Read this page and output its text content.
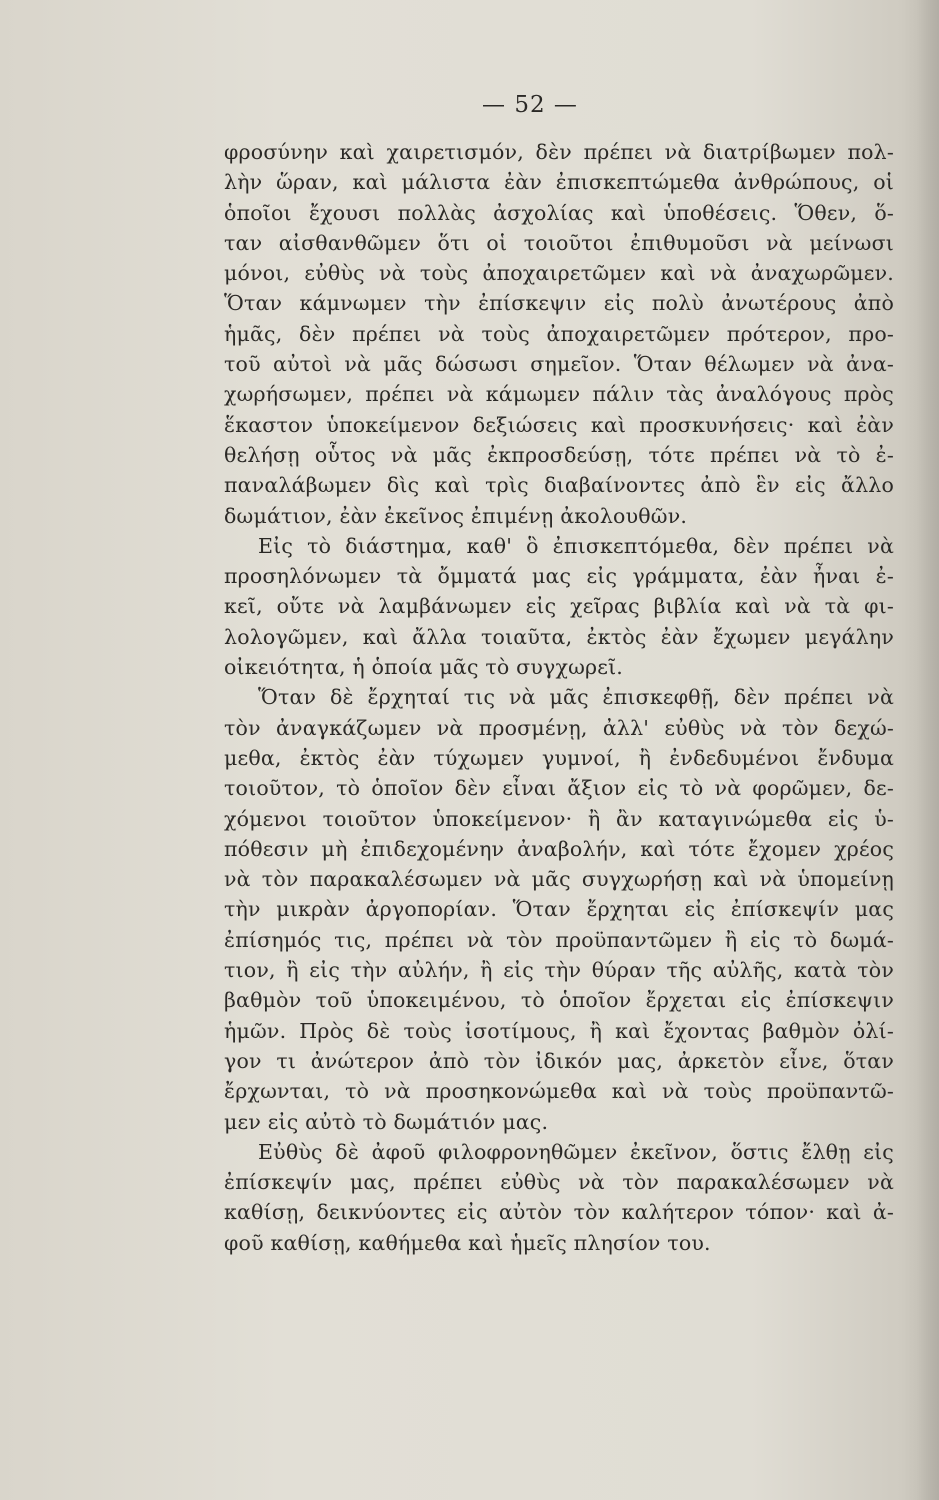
— 52 —
φροσύνην καὶ χαιρετισμόν, δὲν πρέπει νὰ διατρίβωμεν πολ-
λὴν ὥραν, καὶ μάλιστα ἐὰν ἐπισκεπτώμεθα ἀνθρώπους, οἱ
ὁποῖοι ἔχουσι πολλὰς ἀσχολίας καὶ ὑποθέσεις. Ὅθεν, ὅ-
ταν αἰσθανθῶμεν ὅτι οἱ τοιοῦτοι ἐπιθυμοῦσι νὰ μείνωσι
μόνοι, εὐθὺς νὰ τοὺς ἀποχαιρετῶμεν καὶ νὰ ἀναχωρῶμεν.
Ὅταν κάμνωμεν τὴν ἐπίσκεψιν εἰς πολὺ ἀνωτέρους ἀπὸ
ἡμᾶς, δὲν πρέπει νὰ τοὺς ἀποχαιρετῶμεν πρότερον, προ-
τοῦ αὐτοὶ νὰ μᾶς δώσωσι σημεῖον. Ὅταν θέλωμεν νὰ ἀνα-
χωρήσωμεν, πρέπει νὰ κάμωμεν πάλιν τὰς ἀναλόγους πρὸς
ἕκαστον ὑποκείμενον δεξιώσεις καὶ προσκυνήσεις· καὶ ἐὰν
θελήσῃ οὗτος νὰ μᾶς ἐκπροσδεύσῃ, τότε πρέπει νὰ τὸ ἐ-
παναλάβωμεν δὶς καὶ τρὶς διαβαίνοντες ἀπὸ ἓν εἰς ἄλλο
δωμάτιον, ἐὰν ἐκεῖνος ἐπιμένῃ ἀκολουθῶν.
Εἰς τὸ διάστημα, καθ' ὃ ἐπισκεπτόμεθα, δὲν πρέπει νὰ
προσηλόνωμεν τὰ ὄμματά μας εἰς γράμματα, ἐὰν ἦναι ἐ-
κεῖ, οὔτε νὰ λαμβάνωμεν εἰς χεῖρας βιβλία καὶ νὰ τὰ φι-
λολογῶμεν, καὶ ἄλλα τοιαῦτα, ἐκτὸς ἐὰν ἔχωμεν μεγάλην
οἰκειότητα, ἡ ὁποία μᾶς τὸ συγχωρεῖ.
Ὅταν δὲ ἔρχηταί τις νὰ μᾶς ἐπισκεφθῇ, δὲν πρέπει νὰ
τὸν ἀναγκάζωμεν νὰ προσμένῃ, ἀλλ' εὐθὺς νὰ τὸν δεχώ-
μεθα, ἐκτὸς ἐὰν τύχωμεν γυμνοί, ἢ ἐνδεδυμένοι ἔνδυμα
τοιοῦτον, τὸ ὁποῖον δὲν εἶναι ἄξιον εἰς τὸ νὰ φορῶμεν, δε-
χόμενοι τοιοῦτον ὑποκείμενον· ἢ ἂν καταγινώμεθα εἰς ὑ-
πόθεσιν μὴ ἐπιδεχομένην ἀναβολήν, καὶ τότε ἔχομεν χρέος
νὰ τὸν παρακαλέσωμεν νὰ μᾶς συγχωρήσῃ καὶ νὰ ὑπομείνῃ
τὴν μικρὰν ἀργοπορίαν. Ὅταν ἔρχηται εἰς ἐπίσκεψίν μας
ἐπίσημός τις, πρέπει νὰ τὸν προϋπαντῶμεν ἢ εἰς τὸ δωμά-
τιον, ἢ εἰς τὴν αὐλήν, ἢ εἰς τὴν θύραν τῆς αὐλῆς, κατὰ τὸν
βαθμὸν τοῦ ὑποκειμένου, τὸ ὁποῖον ἔρχεται εἰς ἐπίσκεψιν
ἡμῶν. Πρὸς δὲ τοὺς ἰσοτίμους, ἢ καὶ ἔχοντας βαθμὸν ὀλί-
γον τι ἀνώτερον ἀπὸ τὸν ἰδικόν μας, ἀρκετὸν εἶνε, ὅταν
ἔρχωνται, τὸ νὰ προσηκονώμεθα καὶ νὰ τοὺς προϋπαντῶ-
μεν εἰς αὐτὸ τὸ δωμάτιόν μας.
Εὐθὺς δὲ ἀφοῦ φιλοφρονηθῶμεν ἐκεῖνον, ὅστις ἔλθῃ εἰς
ἐπίσκεψίν μας, πρέπει εὐθὺς νὰ τὸν παρακαλέσωμεν νὰ
καθίσῃ, δεικνύοντες εἰς αὐτὸν τὸν καλήτερον τόπον· καὶ ἀ-
φοῦ καθίσῃ, καθήμεθα καὶ ἡμεῖς πλησίον του.
